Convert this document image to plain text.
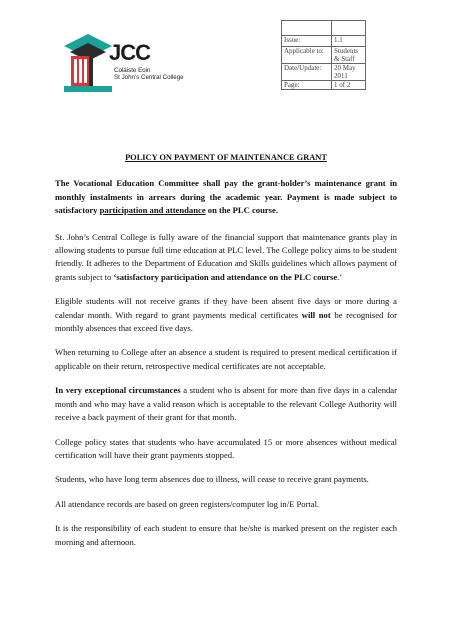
St JCC
Coláiste Eoin
St John's Central College

Issue:	1.1
Applicable to:	Students & Staff
Date/Update:	20 May 2011
Page:	1 of 2

POLICY ON PAYMENT OF MAINTENANCE GRANT

The Vocational Education Committee shall pay the grant-holder’s maintenance grant in monthly instalments in arrears during the academic year. Payment is made subject to satisfactory participation and attendance on the PLC course.

St. John’s Central College is fully aware of the financial support that maintenance grants play in allowing students to pursue full time education at PLC level. The College policy aims to be student friendly. It adheres to the Department of Education and Skills guidelines which allows payment of grants subject to ‘satisfactory participation and attendance on the PLC course.’

Eligible students will not receive grants if they have been absent five days or more during a calendar month. With regard to grant payments medical certificates will not be recognised for monthly absences that exceed five days.

When returning to College after an absence a student is required to present medical certification if applicable on their return, retrospective medical certificates are not acceptable.

In very exceptional circumstances a student who is absent for more than five days in a calendar month and who may have a valid reason which is acceptable to the relevant College Authority will receive a back payment of their grant for that month.

College policy states that students who have accumulated 15 or more absences without medical certification will have their grant payments stopped.

Students, who have long term absences due to illness, will cease to receive grant payments.

All attendance records are based on green registers/computer log in/E Portal.

It is the responsibility of each student to ensure that he/she is marked present on the register each morning and afternoon.
